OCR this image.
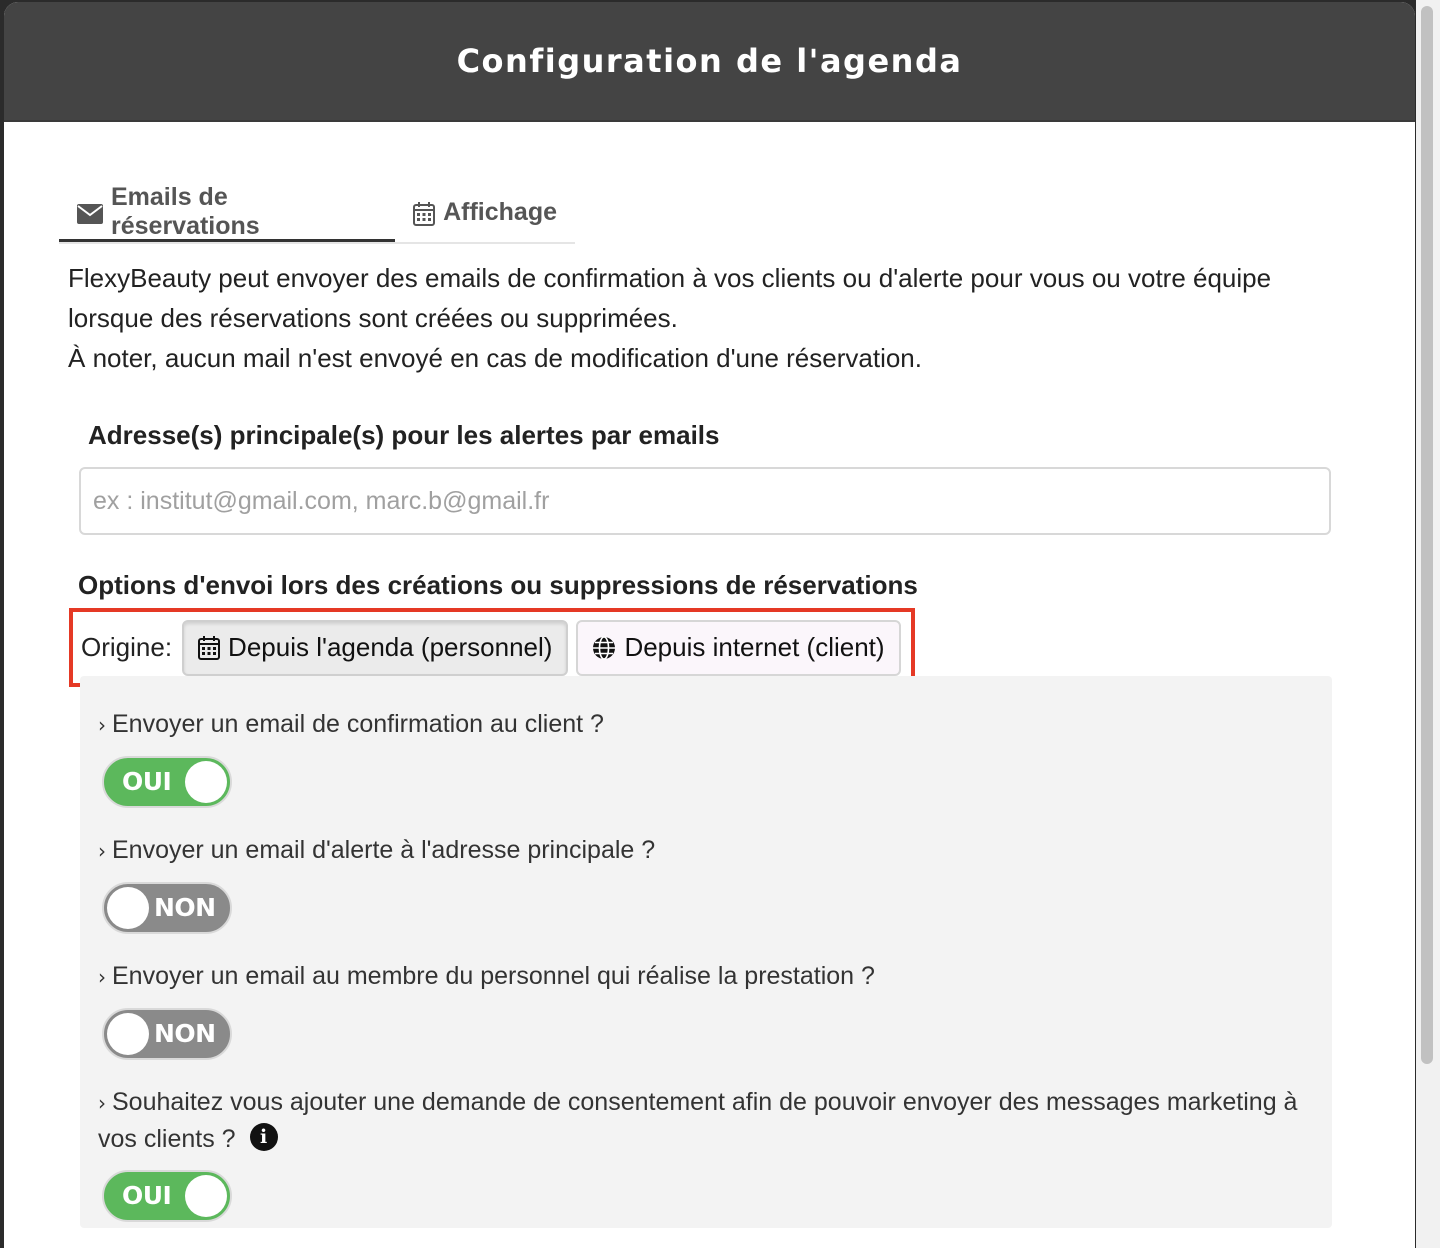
Configuration de l'agenda
Emails de réservations	Affichage

FlexyBeauty peut envoyer des emails de confirmation à vos clients ou d'alerte pour vous ou votre équipe lorsque des réservations sont créées ou supprimées.

À noter, aucun mail n'est envoyé en cas de modification d'une réservation.

Adresse(s) principale(s) pour les alertes par emails
ex : institut@gmail.com, marc.b@gmail.fr
Options d'envoi lors des créations ou suppressions de réservations
Origine: Depuis l'agenda (personnel)	Depuis internet (client)
› Envoyer un email de confirmation au client ?
OUI
› Envoyer un email d'alerte à l'adresse principale ?
NON
› Envoyer un email au membre du personnel qui réalise la prestation ?
NON
› Souhaitez vous ajouter une demande de consentement afin de pouvoir envoyer des messages marketing à vos clients ? i
OUI
